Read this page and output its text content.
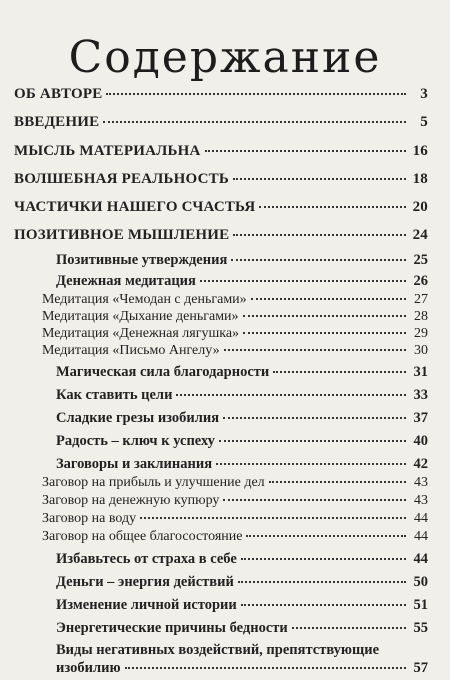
Содержание
ОБ АВТОРЕ	3
ВВЕДЕНИЕ	5
МЫСЛЬ МАТЕРИАЛЬНА	16
ВОЛШЕБНАЯ РЕАЛЬНОСТЬ	18
ЧАСТИЧКИ НАШЕГО СЧАСТЬЯ	20
ПОЗИТИВНОЕ МЫШЛЕНИЕ	24
Позитивные утверждения	25
Денежная медитация	26
Медитация «Чемодан с деньгами»	27
Медитация «Дыхание деньгами»	28
Медитация «Денежная лягушка»	29
Медитация «Письмо Ангелу»	30
Магическая сила благодарности	31
Как ставить цели	33
Сладкие грезы изобилия	37
Радость – ключ к успеху	40
Заговоры и заклинания	42
Заговор на прибыль и улучшение дел	43
Заговор на денежную купюру	43
Заговор на воду	44
Заговор на общее благосостояние	44
Избавьтесь от страха в себе	44
Деньги – энергия действий	50
Изменение личной истории	51
Энергетические причины бедности	55
Виды негативных воздействий, препятствующие
изобилию	57
